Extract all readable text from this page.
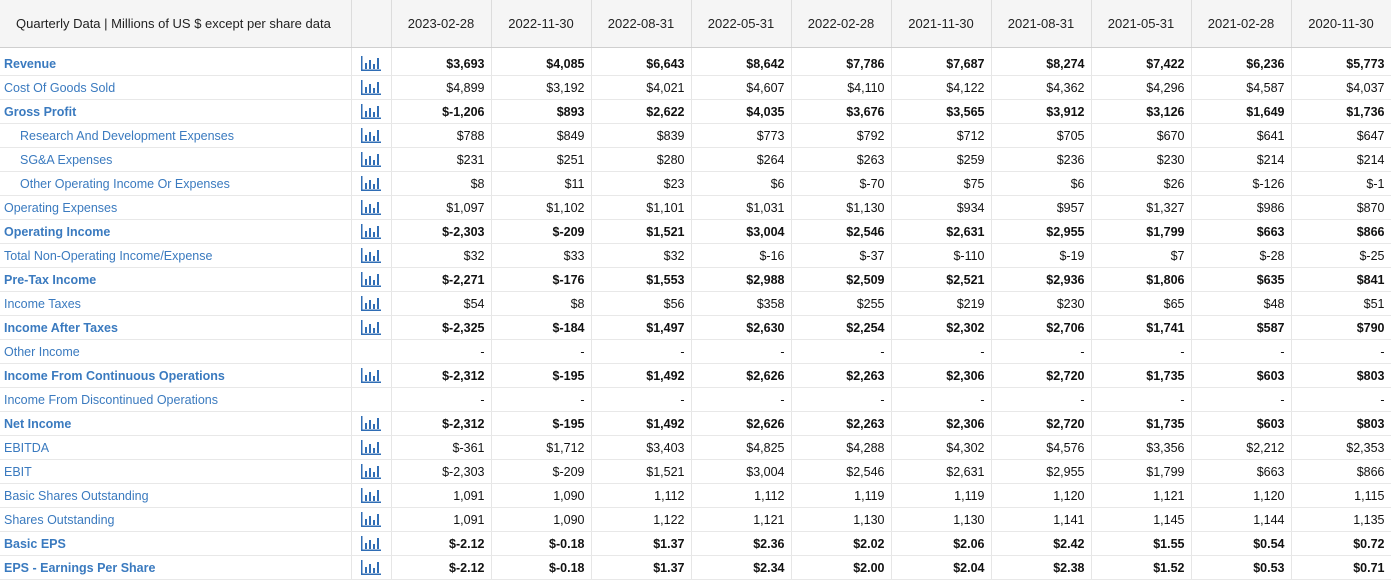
Quarterly Data | Millions of US $ except per share data		2023-02-28	2022-11-30	2022-08-31	2022-05-31	2022-02-28	2021-11-30	2021-08-31	2021-05-31	2021-02-28	2020-11-30

Revenue		$3,693	$4,085	$6,643	$8,642	$7,786	$7,687	$8,274	$7,422	$6,236	$5,773
Cost Of Goods Sold		$4,899	$3,192	$4,021	$4,607	$4,110	$4,122	$4,362	$4,296	$4,587	$4,037
Gross Profit		$-1,206	$893	$2,622	$4,035	$3,676	$3,565	$3,912	$3,126	$1,649	$1,736
Research And Development Expenses		$788	$849	$839	$773	$792	$712	$705	$670	$641	$647
SG&A Expenses		$231	$251	$280	$264	$263	$259	$236	$230	$214	$214
Other Operating Income Or Expenses		$8	$11	$23	$6	$-70	$75	$6	$26	$-126	$-1
Operating Expenses		$1,097	$1,102	$1,101	$1,031	$1,130	$934	$957	$1,327	$986	$870
Operating Income		$-2,303	$-209	$1,521	$3,004	$2,546	$2,631	$2,955	$1,799	$663	$866
Total Non-Operating Income/Expense		$32	$33	$32	$-16	$-37	$-110	$-19	$7	$-28	$-25
Pre-Tax Income		$-2,271	$-176	$1,553	$2,988	$2,509	$2,521	$2,936	$1,806	$635	$841
Income Taxes		$54	$8	$56	$358	$255	$219	$230	$65	$48	$51
Income After Taxes		$-2,325	$-184	$1,497	$2,630	$2,254	$2,302	$2,706	$1,741	$587	$790
Other Income		-	-	-	-	-	-	-	-	-	-
Income From Continuous Operations		$-2,312	$-195	$1,492	$2,626	$2,263	$2,306	$2,720	$1,735	$603	$803
Income From Discontinued Operations		-	-	-	-	-	-	-	-	-	-
Net Income		$-2,312	$-195	$1,492	$2,626	$2,263	$2,306	$2,720	$1,735	$603	$803
EBITDA		$-361	$1,712	$3,403	$4,825	$4,288	$4,302	$4,576	$3,356	$2,212	$2,353
EBIT		$-2,303	$-209	$1,521	$3,004	$2,546	$2,631	$2,955	$1,799	$663	$866
Basic Shares Outstanding		1,091	1,090	1,112	1,112	1,119	1,119	1,120	1,121	1,120	1,115
Shares Outstanding		1,091	1,090	1,122	1,121	1,130	1,130	1,141	1,145	1,144	1,135
Basic EPS		$-2.12	$-0.18	$1.37	$2.36	$2.02	$2.06	$2.42	$1.55	$0.54	$0.72
EPS - Earnings Per Share		$-2.12	$-0.18	$1.37	$2.34	$2.00	$2.04	$2.38	$1.52	$0.53	$0.71
